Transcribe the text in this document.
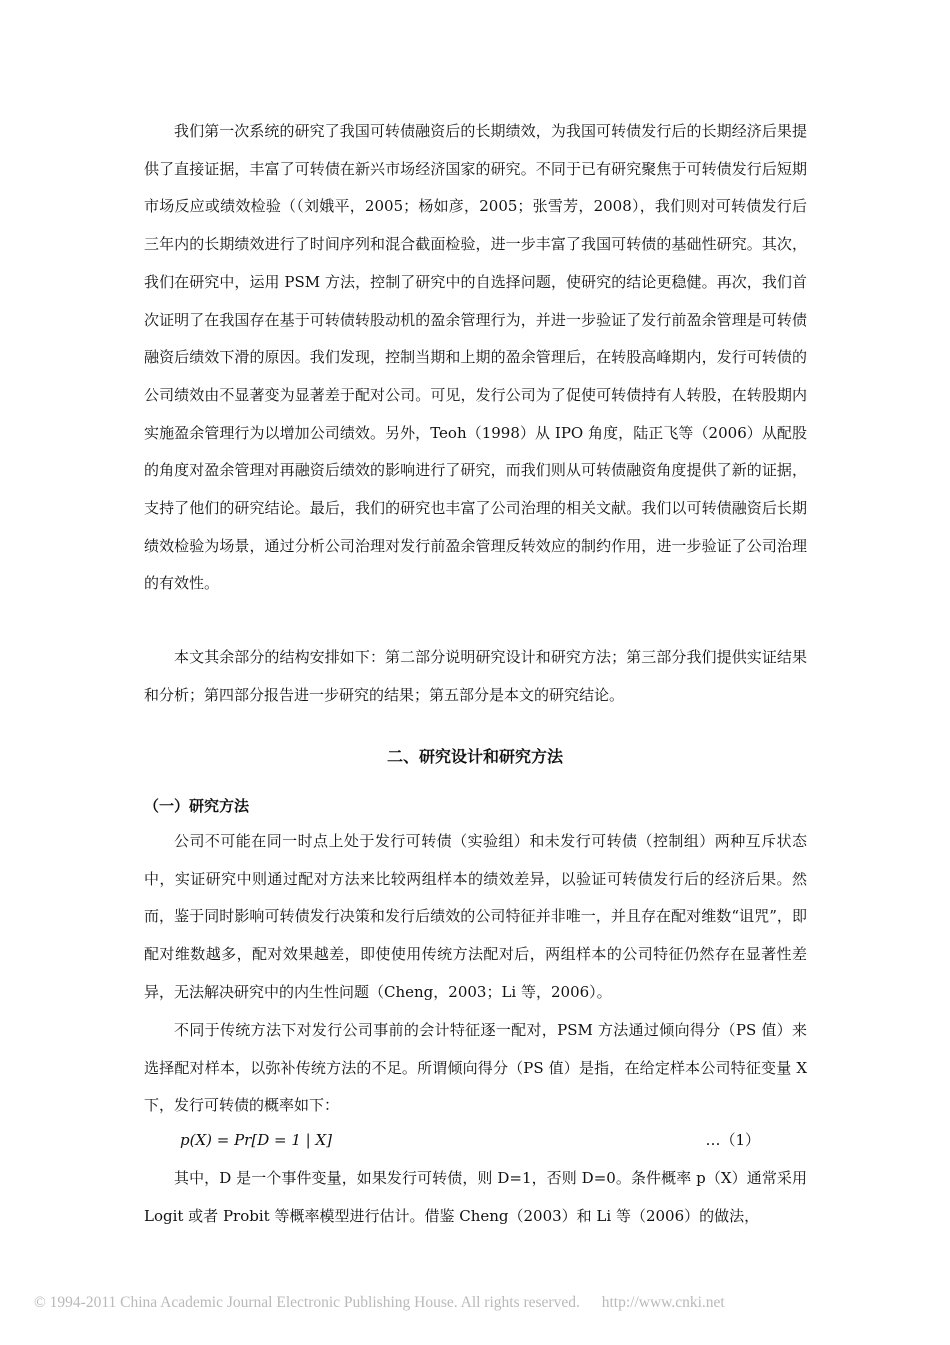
我们第一次系统的研究了我国可转债融资后的长期绩效，为我国可转债发行后的长期经济后果提供了直接证据，丰富了可转债在新兴市场经济国家的研究。不同于已有研究聚焦于可转债发行后短期市场反应或绩效检验（（刘娥平，2005；杨如彦，2005；张雪芳，2008），我们则对可转债发行后三年内的长期绩效进行了时间序列和混合截面检验，进一步丰富了我国可转债的基础性研究。其次，我们在研究中，运用 PSM 方法，控制了研究中的自选择问题，使研究的结论更稳健。再次，我们首次证明了在我国存在基于可转债转股动机的盈余管理行为，并进一步验证了发行前盈余管理是可转债融资后绩效下滑的原因。我们发现，控制当期和上期的盈余管理后，在转股高峰期内，发行可转债的公司绩效由不显著变为显著差于配对公司。可见，发行公司为了促使可转债持有人转股，在转股期内实施盈余管理行为以增加公司绩效。另外，Teoh（1998）从 IPO 角度，陆正飞等（2006）从配股的角度对盈余管理对再融资后绩效的影响进行了研究，而我们则从可转债融资角度提供了新的证据，支持了他们的研究结论。最后，我们的研究也丰富了公司治理的相关文献。我们以可转债融资后长期绩效检验为场景，通过分析公司治理对发行前盈余管理反转效应的制约作用，进一步验证了公司治理的有效性。

本文其余部分的结构安排如下：第二部分说明研究设计和研究方法；第三部分我们提供实证结果和分析；第四部分报告进一步研究的结果；第五部分是本文的研究结论。

二、研究设计和研究方法
（一）研究方法

公司不可能在同一时点上处于发行可转债（实验组）和未发行可转债（控制组）两种互斥状态中，实证研究中则通过配对方法来比较两组样本的绩效差异，以验证可转债发行后的经济后果。然而，鉴于同时影响可转债发行决策和发行后绩效的公司特征并非唯一，并且存在配对维数“诅咒”，即配对维数越多，配对效果越差，即使使用传统方法配对后，两组样本的公司特征仍然存在显著性差异，无法解决研究中的内生性问题（Cheng，2003；Li 等，2006）。

不同于传统方法下对发行公司事前的会计特征逐一配对，PSM 方法通过倾向得分（PS 值）来选择配对样本，以弥补传统方法的不足。所谓倾向得分（PS 值）是指，在给定样本公司特征变量 X 下，发行可转债的概率如下：

p(X) = Pr[D = 1 | X]	…（1）

其中，D 是一个事件变量，如果发行可转债，则 D=1，否则 D=0。条件概率 p（X）通常采用 Logit 或者 Probit 等概率模型进行估计。借鉴 Cheng（2003）和 Li 等（2006）的做法，

© 1994-2011 China Academic Journal Electronic Publishing House. All rights reserved. http://www.cnki.net
